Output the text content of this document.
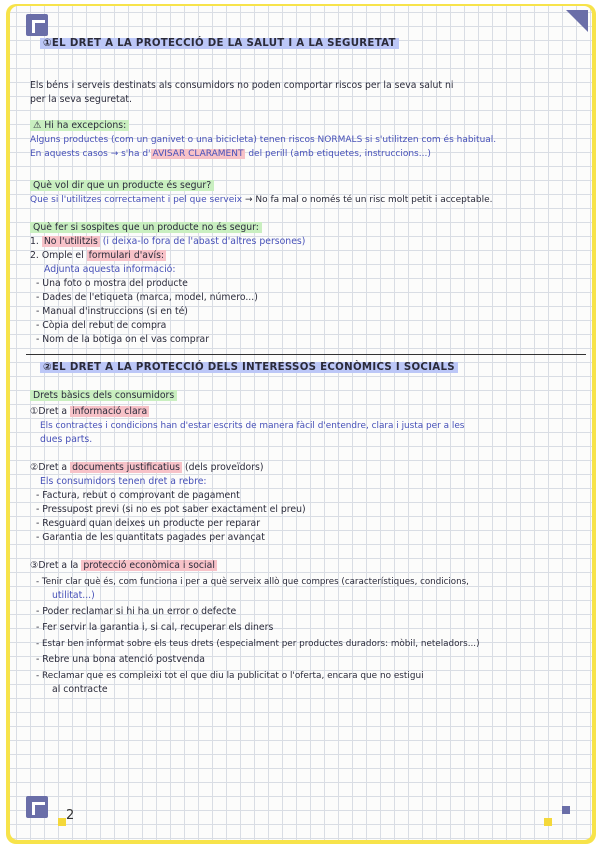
①EL DRET A LA PROTECCIÓ DE LA SALUT I A LA SEGURETAT
Els béns i serveis destinats als consumidors no poden comportar riscos per la seva salut ni
per la seva seguretat.
⚠ Hi ha excepcions:
Alguns productes (com un ganivet o una bicicleta) tenen riscos NORMALS si s'utilitzen com és habitual.
En aquests casos → s'ha d' AVISAR CLARAMENT del perill (amb etiquetes, instruccions...)
Què vol dir que un producte és segur?
Que si l'utilitzes correctament i pel que serveix → No fa mal o només té un risc molt petit i acceptable.
Què fer si sospites que un producte no és segur:
1. No l'utilitzis (i deixa-lo fora de l'abast d'altres persones)
2. Omple el formulari d'avís:
Adjunta aquesta informació:
- Una foto o mostra del producte
- Dades de l'etiqueta (marca, model, número...)
- Manual d'instruccions (si en té)
- Còpia del rebut de compra
- Nom de la botiga on el vas comprar
②EL DRET A LA PROTECCIÓ DELS INTERESSOS ECONÒMICS I SOCIALS
Drets bàsics dels consumidors
①Dret a informació clara
Els contractes i condicions han d'estar escrits de manera fàcil d'entendre, clara i justa per a les
dues parts.
②Dret a documents justificatius (dels proveïdors)
Els consumidors tenen dret a rebre:
- Factura, rebut o comprovant de pagament
- Pressupost previ (si no es pot saber exactament el preu)
- Resguard quan deixes un producte per reparar
- Garantia de les quantitats pagades per avançat
③Dret a la protecció econòmica i social
- Tenir clar què és, com funciona i per a què serveix allò que compres (característiques, condicions,
utilitat...)
- Poder reclamar si hi ha un error o defecte
- Fer servir la garantia i, si cal, recuperar els diners
- Estar ben informat sobre els teus drets (especialment per productes duradors: mòbil, neteladors...)
- Rebre una bona atenció postvenda
- Reclamar que es compleixi tot el que diu la publicitat o l'oferta, encara que no estigui
al contracte
2
